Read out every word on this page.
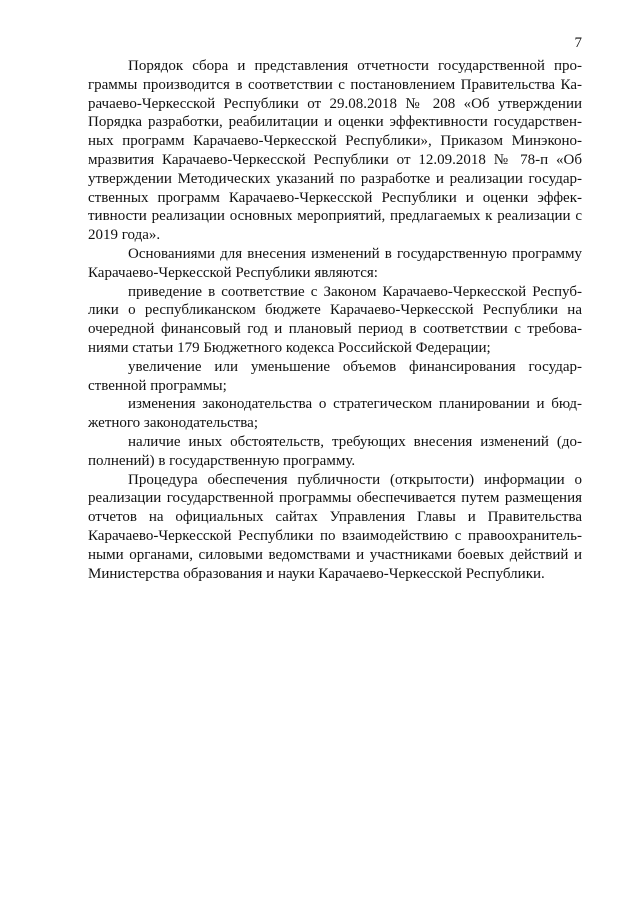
7

Порядок сбора и представления отчетности государственной программы производится в соответствии с постановлением Правительства Карачаево-Черкесской Республики от 29.08.2018 № 208 «Об утверждении Порядка разработки, реабилитации и оценки эффективности государственных программ Карачаево-Черкесской Республики», Приказом Минэкономразвития Карачаево-Черкесской Республики от 12.09.2018 № 78-п «Об утверждении Методических указаний по разработке и реализации государственных программ Карачаево-Черкесской Республики и оценки эффективности реализации основных мероприятий, предлагаемых к реализации с 2019 года».

Основаниями для внесения изменений в государственную программу Карачаево-Черкесской Республики являются:

приведение в соответствие с Законом Карачаево-Черкесской Республики о республиканском бюджете Карачаево-Черкесской Республики на очередной финансовый год и плановый период в соответствии с требованиями статьи 179 Бюджетного кодекса Российской Федерации;

увеличение или уменьшение объемов финансирования государственной программы;

изменения законодательства о стратегическом планировании и бюджетного законодательства;

наличие иных обстоятельств, требующих внесения изменений (дополнений) в государственную программу.

Процедура обеспечения публичности (открытости) информации о реализации государственной программы обеспечивается путем размещения отчетов на официальных сайтах Управления Главы и Правительства Карачаево-Черкесской Республики по взаимодействию с правоохранительными органами, силовыми ведомствами и участниками боевых действий и Министерства образования и науки Карачаево-Черкесской Республики.
